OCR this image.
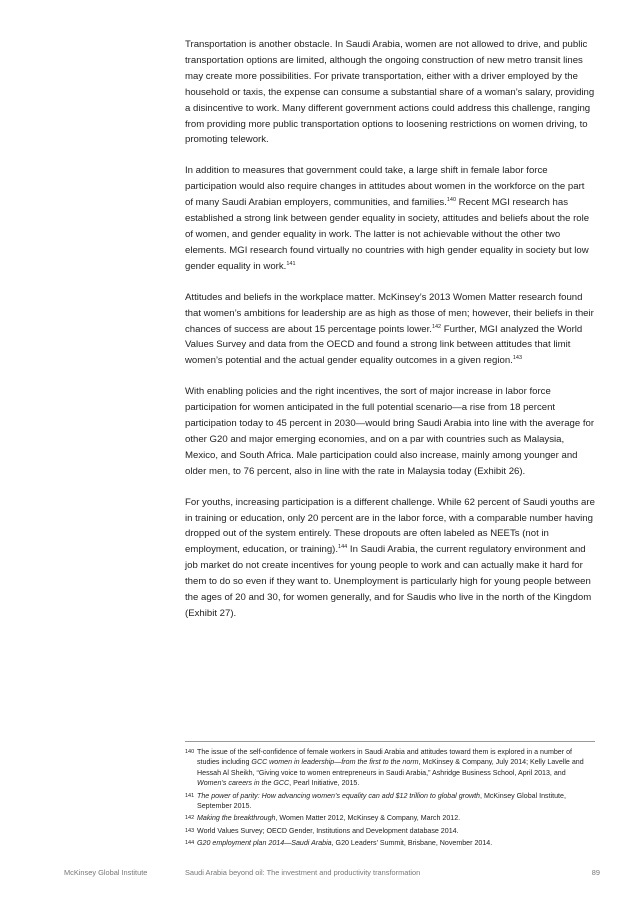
Transportation is another obstacle. In Saudi Arabia, women are not allowed to drive, and public transportation options are limited, although the ongoing construction of new metro transit lines may create more possibilities. For private transportation, either with a driver employed by the household or taxis, the expense can consume a substantial share of a woman’s salary, providing a disincentive to work. Many different government actions could address this challenge, ranging from providing more public transportation options to loosening restrictions on women driving, to promoting telework.

In addition to measures that government could take, a large shift in female labor force participation would also require changes in attitudes about women in the workforce on the part of many Saudi Arabian employers, communities, and families.$^{140}$ Recent MGI research has established a strong link between gender equality in society, attitudes and beliefs about the role of women, and gender equality in work. The latter is not achievable without the other two elements. MGI research found virtually no countries with high gender equality in society but low gender equality in work.$^{141}$

Attitudes and beliefs in the workplace matter. McKinsey’s 2013 Women Matter research found that women’s ambitions for leadership are as high as those of men; however, their beliefs in their chances of success are about 15 percentage points lower.$^{142}$ Further, MGI analyzed the World Values Survey and data from the OECD and found a strong link between attitudes that limit women’s potential and the actual gender equality outcomes in a given region.$^{143}$

With enabling policies and the right incentives, the sort of major increase in labor force participation for women anticipated in the full potential scenario—a rise from 18 percent participation today to 45 percent in 2030—would bring Saudi Arabia into line with the average for other G20 and major emerging economies, and on a par with countries such as Malaysia, Mexico, and South Africa. Male participation could also increase, mainly among younger and older men, to 76 percent, also in line with the rate in Malaysia today (Exhibit 26).

For youths, increasing participation is a different challenge. While 62 percent of Saudi youths are in training or education, only 20 percent are in the labor force, with a comparable number having dropped out of the system entirely. These dropouts are often labeled as NEETs (not in employment, education, or training).$^{144}$ In Saudi Arabia, the current regulatory environment and job market do not create incentives for young people to work and can actually make it hard for them to do so even if they want to. Unemployment is particularly high for young people between the ages of 20 and 30, for women generally, and for Saudis who live in the north of the Kingdom (Exhibit 27).

140 The issue of the self-confidence of female workers in Saudi Arabia and attitudes toward them is explored in a number of studies including GCC women in leadership—from the first to the norm, McKinsey & Company, July 2014; Kelly Lavelle and Hessah Al Sheikh, “Giving voice to women entrepreneurs in Saudi Arabia,” Ashridge Business School, April 2013, and Women’s careers in the GCC, Pearl Initiative, 2015.
141 The power of parity: How advancing women’s equality can add $12 trillion to global growth, McKinsey Global Institute, September 2015.
142 Making the breakthrough, Women Matter 2012, McKinsey & Company, March 2012.
143 World Values Survey; OECD Gender, Institutions and Development database 2014.
144 G20 employment plan 2014—Saudi Arabia, G20 Leaders’ Summit, Brisbane, November 2014.
McKinsey Global Institute	Saudi Arabia beyond oil: The investment and productivity transformation	89
